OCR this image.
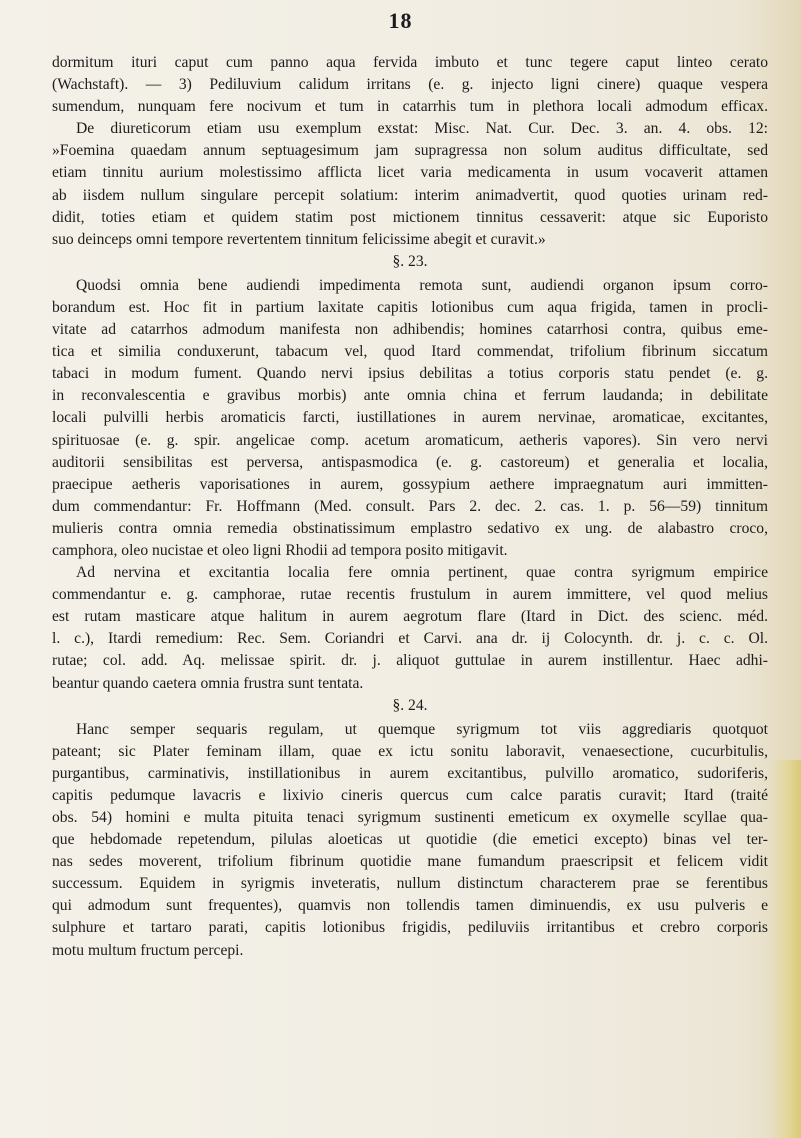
18
dormitum ituri caput cum panno aqua fervida imbuto et tunc tegere caput linteo cerato
(Wachstaft). — 3) Pediluvium calidum irritans (e. g. injecto ligni cinere) quaque vespera
sumendum, nunquam fere nocivum et tum in catarrhis tum in plethora locali admodum efficax.
De diureticorum etiam usu exemplum exstat: Misc. Nat. Cur. Dec. 3. an. 4. obs. 12:
»Foemina quaedam annum septuagesimum jam supragressa non solum auditus difficultate, sed
etiam tinnitu aurium molestissimo afflicta licet varia medicamenta in usum vocaverit attamen
ab iisdem nullum singulare percepit solatium: interim animadvertit, quod quoties urinam red-
didit, toties etiam et quidem statim post mictionem tinnitus cessaverit: atque sic Euporisto
suo deinceps omni tempore revertentem tinnitum felicissime abegit et curavit.»
§. 23.
Quodsi omnia bene audiendi impedimenta remota sunt, audiendi organon ipsum corro-
borandum est. Hoc fit in partium laxitate capitis lotionibus cum aqua frigida, tamen in procli-
vitate ad catarrhos admodum manifesta non adhibendis; homines catarrhosi contra, quibus eme-
tica et similia conduxerunt, tabacum vel, quod Itard commendat, trifolium fibrinum siccatum
tabaci in modum fument. Quando nervi ipsius debilitas a totius corporis statu pendet (e. g.
in reconvalescentia e gravibus morbis) ante omnia china et ferrum laudanda; in debilitate
locali pulvilli herbis aromaticis farcti, iustillationes in aurem nervinae, aromaticae, excitantes,
spirituosae (e. g. spir. angelicae comp. acetum aromaticum, aetheris vapores). Sin vero nervi
auditorii sensibilitas est perversa, antispasmodica (e. g. castoreum) et generalia et localia,
praecipue aetheris vaporisationes in aurem, gossypium aethere impraegnatum auri immitten-
dum commendantur: Fr. Hoffmann (Med. consult. Pars 2. dec. 2. cas. 1. p. 56—59) tinnitum
mulieris contra omnia remedia obstinatissimum emplastro sedativo ex ung. de alabastro croco,
camphora, oleo nucistae et oleo ligni Rhodii ad tempora posito mitigavit.
Ad nervina et excitantia localia fere omnia pertinent, quae contra syrigmum empirice
commendantur e. g. camphorae, rutae recentis frustulum in aurem immittere, vel quod melius
est rutam masticare atque halitum in aurem aegrotum flare (Itard in Dict. des scienc. méd.
l. c.), Itardi remedium: Rec. Sem. Coriandri et Carvi. ana dr. ij Colocynth. dr. j. c. c. Ol.
rutae; col. add. Aq. melissae spirit. dr. j. aliquot guttulae in aurem instillentur. Haec adhi-
beantur quando caetera omnia frustra sunt tentata.
§. 24.
Hanc semper sequaris regulam, ut quemque syrigmum tot viis aggrediaris quotquot
pateant; sic Plater feminam illam, quae ex ictu sonitu laboravit, venaesectione, cucurbitulis,
purgantibus, carminativis, instillationibus in aurem excitantibus, pulvillo aromatico, sudoriferis,
capitis pedumque lavacris e lixivio cineris quercus cum calce paratis curavit; Itard (traité
obs. 54) homini e multa pituita tenaci syrigmum sustinenti emeticum ex oxymelle scyllae qua-
que hebdomade repetendum, pilulas aloeticas ut quotidie (die emetici excepto) binas vel ter-
nas sedes moverent, trifolium fibrinum quotidie mane fumandum praescripsit et felicem vidit
successum. Equidem in syrigmis inveteratis, nullum distinctum characterem prae se ferentibus
qui admodum sunt frequentes), quamvis non tollendis tamen diminuendis, ex usu pulveris e
sulphure et tartaro parati, capitis lotionibus frigidis, pediluviis irritantibus et crebro corporis
motu multum fructum percepi.
